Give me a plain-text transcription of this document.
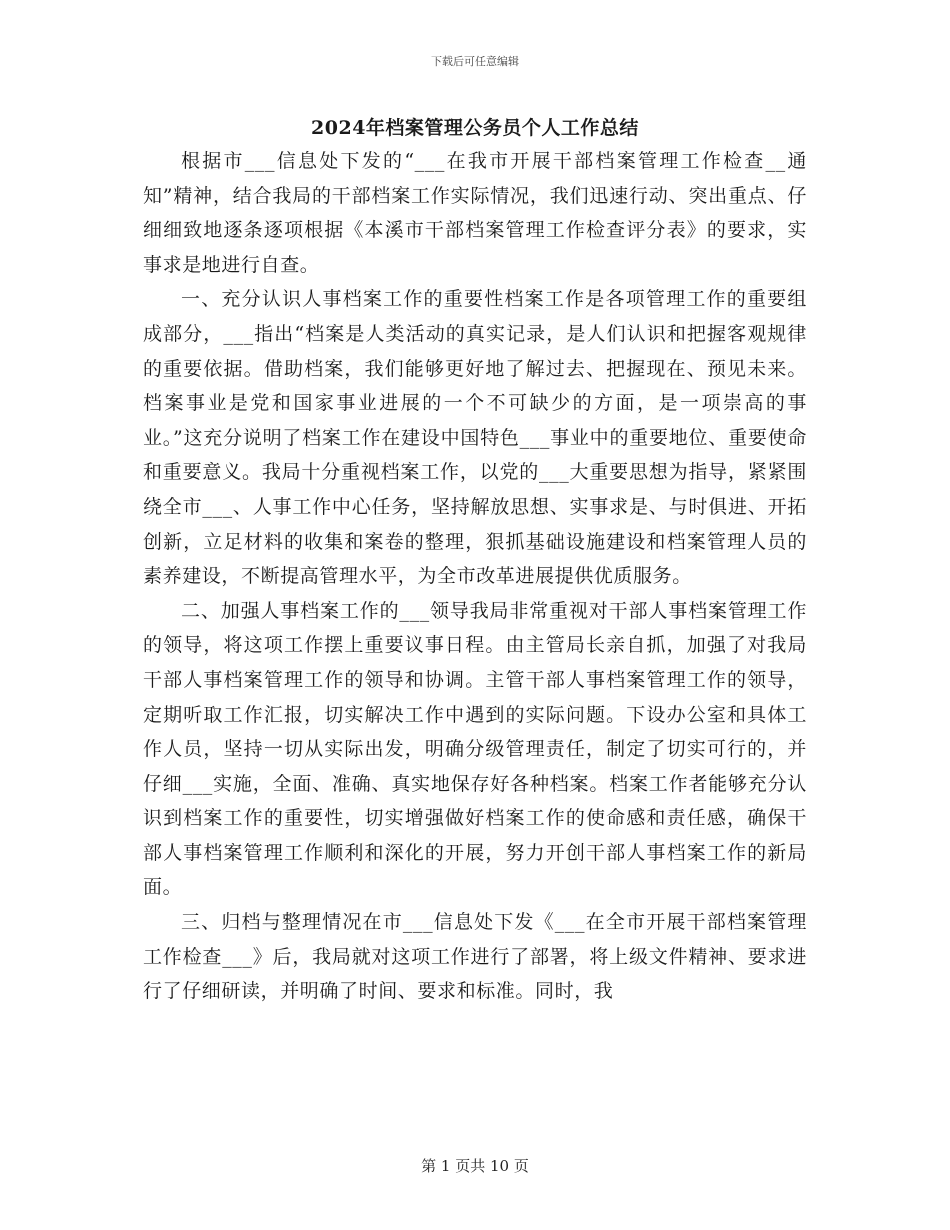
下载后可任意编辑
2024年档案管理公务员个人工作总结

根据市___信息处下发的“___在我市开展干部档案管理工作检查__通知”精神，结合我局的干部档案工作实际情况，我们迅速行动、突出重点、仔细细致地逐条逐项根据《本溪市干部档案管理工作检查评分表》的要求，实事求是地进行自查。

一、充分认识人事档案工作的重要性档案工作是各项管理工作的重要组成部分，___指出“档案是人类活动的真实记录，是人们认识和把握客观规律的重要依据。借助档案，我们能够更好地了解过去、把握现在、预见未来。档案事业是党和国家事业进展的一个不可缺少的方面，是一项崇高的事业。”这充分说明了档案工作在建设中国特色___事业中的重要地位、重要使命和重要意义。我局十分重视档案工作，以党的___大重要思想为指导，紧紧围绕全市___、人事工作中心任务，坚持解放思想、实事求是、与时俱进、开拓创新，立足材料的收集和案卷的整理，狠抓基础设施建设和档案管理人员的素养建设，不断提高管理水平，为全市改革进展提供优质服务。

二、加强人事档案工作的___领导我局非常重视对干部人事档案管理工作的领导，将这项工作摆上重要议事日程。由主管局长亲自抓，加强了对我局干部人事档案管理工作的领导和协调。主管干部人事档案管理工作的领导，定期听取工作汇报，切实解决工作中遇到的实际问题。下设办公室和具体工作人员，坚持一切从实际出发，明确分级管理责任，制定了切实可行的，并仔细___实施，全面、准确、真实地保存好各种档案。档案工作者能够充分认识到档案工作的重要性，切实增强做好档案工作的使命感和责任感，确保干部人事档案管理工作顺利和深化的开展，努力开创干部人事档案工作的新局面。

三、归档与整理情况在市___信息处下发《___在全市开展干部档案管理工作检查___》后，我局就对这项工作进行了部署，将上级文件精神、要求进行了仔细研读，并明确了时间、要求和标准。同时，我

第 1 页共 10 页
